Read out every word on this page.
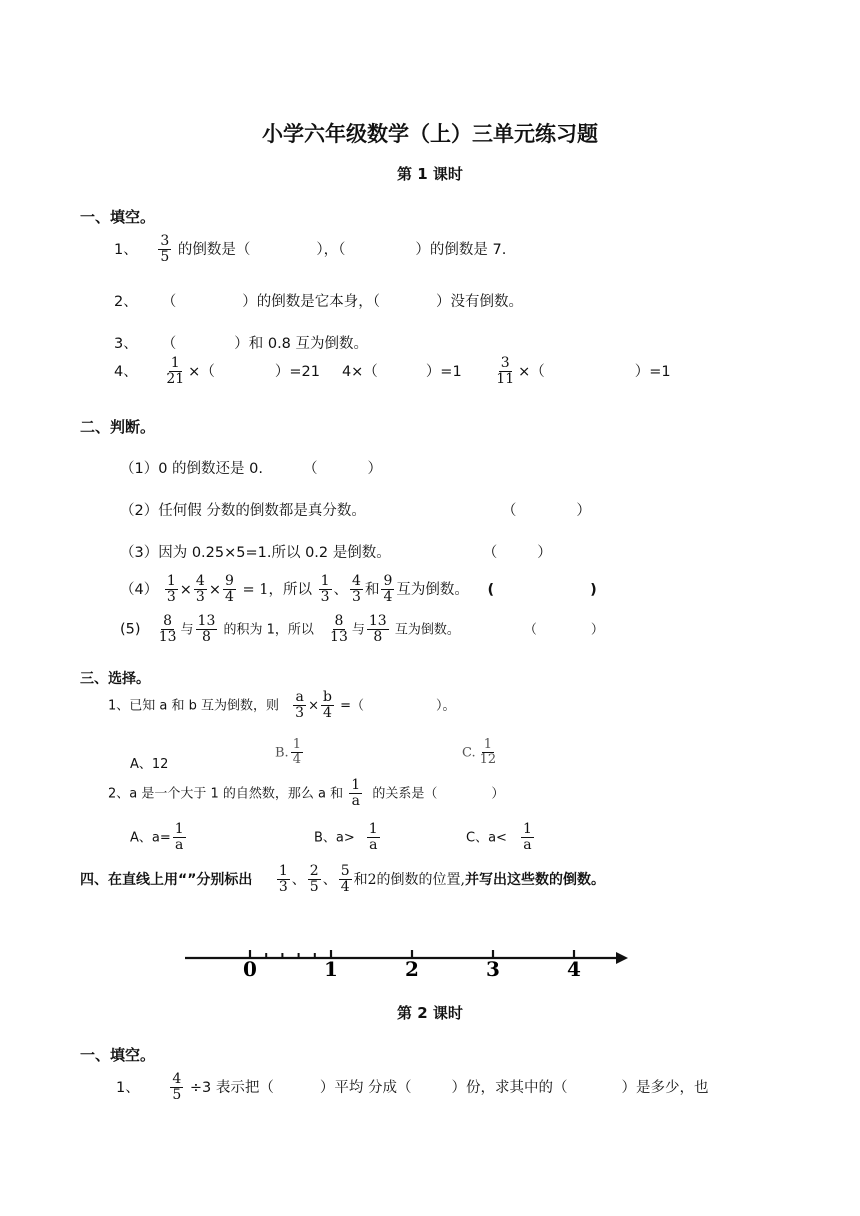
小学六年级数学（上）三单元练习题
第 1 课时
一、填空。
1、 $\frac{3}{5}$ 的倒数是（	），（	）的倒数是 7.
2、 （	）的倒数是它本身，（	）没有倒数。
3、 （	）和 0.8 互为倒数。
4、 $\frac{1}{21}$ ×（	）=21 4×（	）$=1 \frac{3}{11}$ ×（	）=1
二、判断。
（1）0 的倒数还是 0.	（	）
（2）任何假 分数的倒数都是真分数。	（	）
（3）因为 0.25×5=1.所以 0.2 是倒数。	（	）
$(4) \frac{1}{3} \times \frac{4}{3} \times \frac{9}{4} = 1$，所以 $\frac{1}{3}$ 、 $\frac{4}{3}$ 和 $\frac{9}{4}$ 互为倒数。 (	)
$(5) \frac{8}{13}$ 与 $\frac{13}{8}$ 的积为 1，所以 $\frac{8}{13}$ 与 $\frac{13}{8}$ 互为倒数。	（	）
三、选择。
1、已知 a 和 b 互为倒数，则 $\frac{a}{3} \times \frac{b}{4}$ =（	）。
A、12
B. $\frac{1}{4}$	C. $\frac{1}{12}$
2、a 是一个大于 1 的自然数，那么 a 和 $\frac{1}{a}$ 的关系是（	）
A、$a= \frac{1}{a}$	B、$a> \frac{1}{a}$	C、$a< \frac{1}{a}$
四、在直线上用“”分别标出 $\frac{1}{3}$ 、 $\frac{2}{5}$ 、 $\frac{5}{4}$ 和2的倒数的位置,并写出这些数的倒数。
0	1	2	3	4
第 2 课时
一、填空。
1、 $\frac{4}{5} \div 3$ 表示把（	）平均 分成（	）份，求其中的（	）是多少，也
